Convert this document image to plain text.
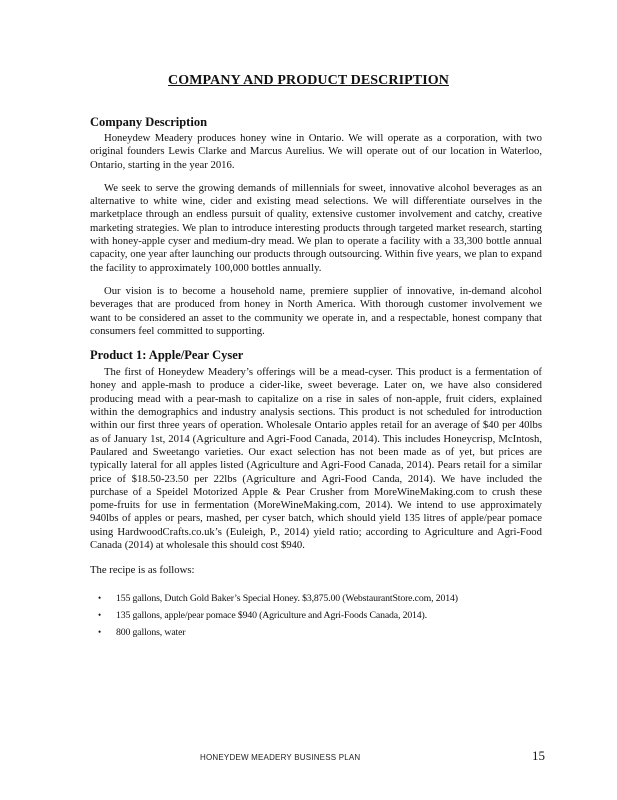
COMPANY AND PRODUCT DESCRIPTION
Company Description

Honeydew Meadery produces honey wine in Ontario. We will operate as a corporation, with two original founders Lewis Clarke and Marcus Aurelius. We will operate out of our location in Waterloo, Ontario, starting in the year 2016.

We seek to serve the growing demands of millennials for sweet, innovative alcohol beverages as an alternative to white wine, cider and existing mead selections. We will differentiate ourselves in the marketplace through an endless pursuit of quality, extensive customer involvement and catchy, creative marketing strategies. We plan to introduce interesting products through targeted market research, starting with honey-apple cyser and medium-dry mead. We plan to operate a facility with a 33,300 bottle annual capacity, one year after launching our products through outsourcing. Within five years, we plan to expand the facility to approximately 100,000 bottles annually.

Our vision is to become a household name, premiere supplier of innovative, in-demand alcohol beverages that are produced from honey in North America. With thorough customer involvement we want to be considered an asset to the community we operate in, and a respectable, honest company that consumers feel committed to supporting.

Product 1: Apple/Pear Cyser

The first of Honeydew Meadery’s offerings will be a mead-cyser. This product is a fermentation of honey and apple-mash to produce a cider-like, sweet beverage. Later on, we have also considered producing mead with a pear-mash to capitalize on a rise in sales of non-apple, fruit ciders, explained within the demographics and industry analysis sections. This product is not scheduled for introduction within our first three years of operation. Wholesale Ontario apples retail for an average of $40 per 40lbs as of January 1st, 2014 (Agriculture and Agri-Food Canada, 2014). This includes Honeycrisp, McIntosh, Paulared and Sweetango varieties. Our exact selection has not been made as of yet, but prices are typically lateral for all apples listed (Agriculture and Agri-Food Canada, 2014). Pears retail for a similar price of $18.50-23.50 per 22lbs (Agriculture and Agri-Food Canda, 2014). We have included the purchase of a Speidel Motorized Apple & Pear Crusher from MoreWineMaking.com to crush these pome-fruits for use in fermentation (MoreWineMaking.com, 2014). We intend to use approximately 940lbs of apples or pears, mashed, per cyser batch, which should yield 135 litres of apple/pear pomace using HardwoodCrafts.co.uk’s (Euleigh, P., 2014) yield ratio; according to Agriculture and Agri-Food Canada (2014) at wholesale this should cost $940.

The recipe is as follows:

• 155 gallons, Dutch Gold Baker’s Special Honey. $3,875.00 (WebstaurantStore.com, 2014)
• 135 gallons, apple/pear pomace $940 (Agriculture and Agri-Foods Canada, 2014).
• 800 gallons, water
HONEYDEW MEADERY BUSINESS PLAN	15
